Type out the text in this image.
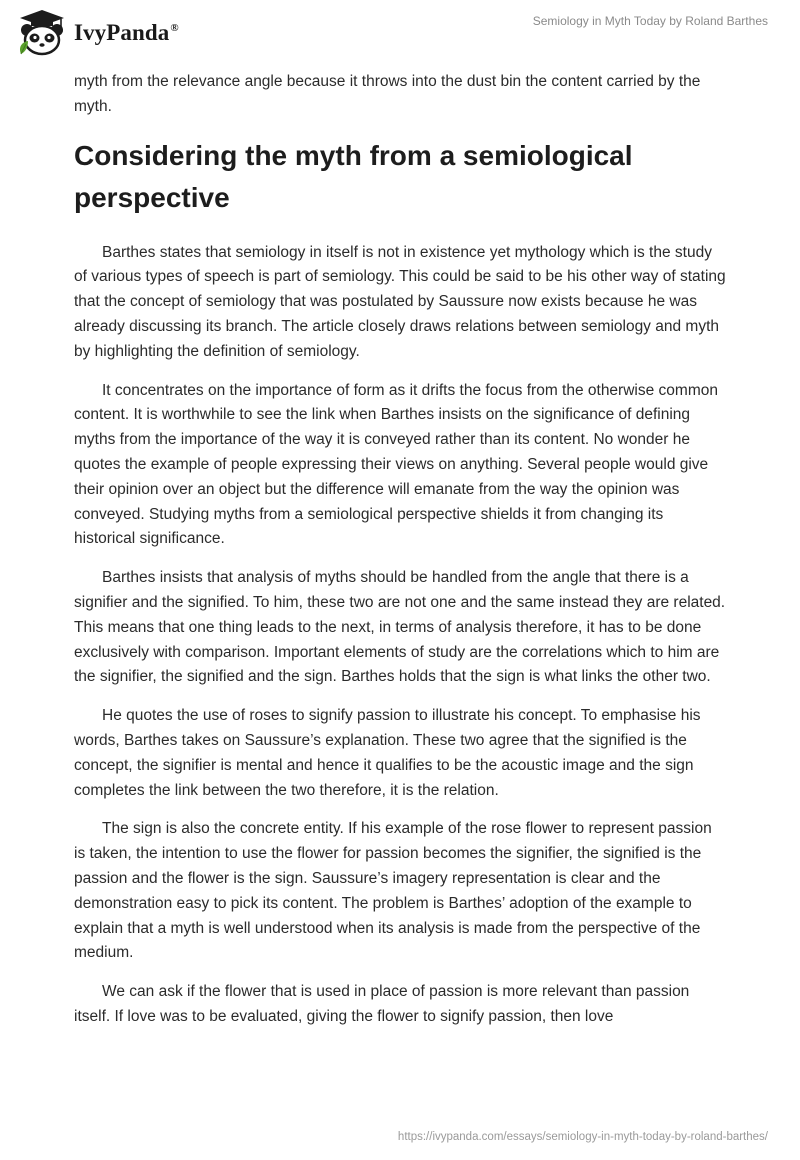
IvyPanda®
Semiology in Myth Today by Roland Barthes

myth from the relevance angle because it throws into the dust bin the content carried by the myth.

Considering the myth from a semiological perspective

Barthes states that semiology in itself is not in existence yet mythology which is the study of various types of speech is part of semiology. This could be said to be his other way of stating that the concept of semiology that was postulated by Saussure now exists because he was already discussing its branch. The article closely draws relations between semiology and myth by highlighting the definition of semiology.

It concentrates on the importance of form as it drifts the focus from the otherwise common content. It is worthwhile to see the link when Barthes insists on the significance of defining myths from the importance of the way it is conveyed rather than its content. No wonder he quotes the example of people expressing their views on anything. Several people would give their opinion over an object but the difference will emanate from the way the opinion was conveyed. Studying myths from a semiological perspective shields it from changing its historical significance.

Barthes insists that analysis of myths should be handled from the angle that there is a signifier and the signified. To him, these two are not one and the same instead they are related. This means that one thing leads to the next, in terms of analysis therefore, it has to be done exclusively with comparison. Important elements of study are the correlations which to him are the signifier, the signified and the sign. Barthes holds that the sign is what links the other two.

He quotes the use of roses to signify passion to illustrate his concept. To emphasise his words, Barthes takes on Saussure’s explanation. These two agree that the signified is the concept, the signifier is mental and hence it qualifies to be the acoustic image and the sign completes the link between the two therefore, it is the relation.

The sign is also the concrete entity. If his example of the rose flower to represent passion is taken, the intention to use the flower for passion becomes the signifier, the signified is the passion and the flower is the sign. Saussure’s imagery representation is clear and the demonstration easy to pick its content. The problem is Barthes’ adoption of the example to explain that a myth is well understood when its analysis is made from the perspective of the medium.

We can ask if the flower that is used in place of passion is more relevant than passion itself. If love was to be evaluated, giving the flower to signify passion, then love

https://ivypanda.com/essays/semiology-in-myth-today-by-roland-barthes/
